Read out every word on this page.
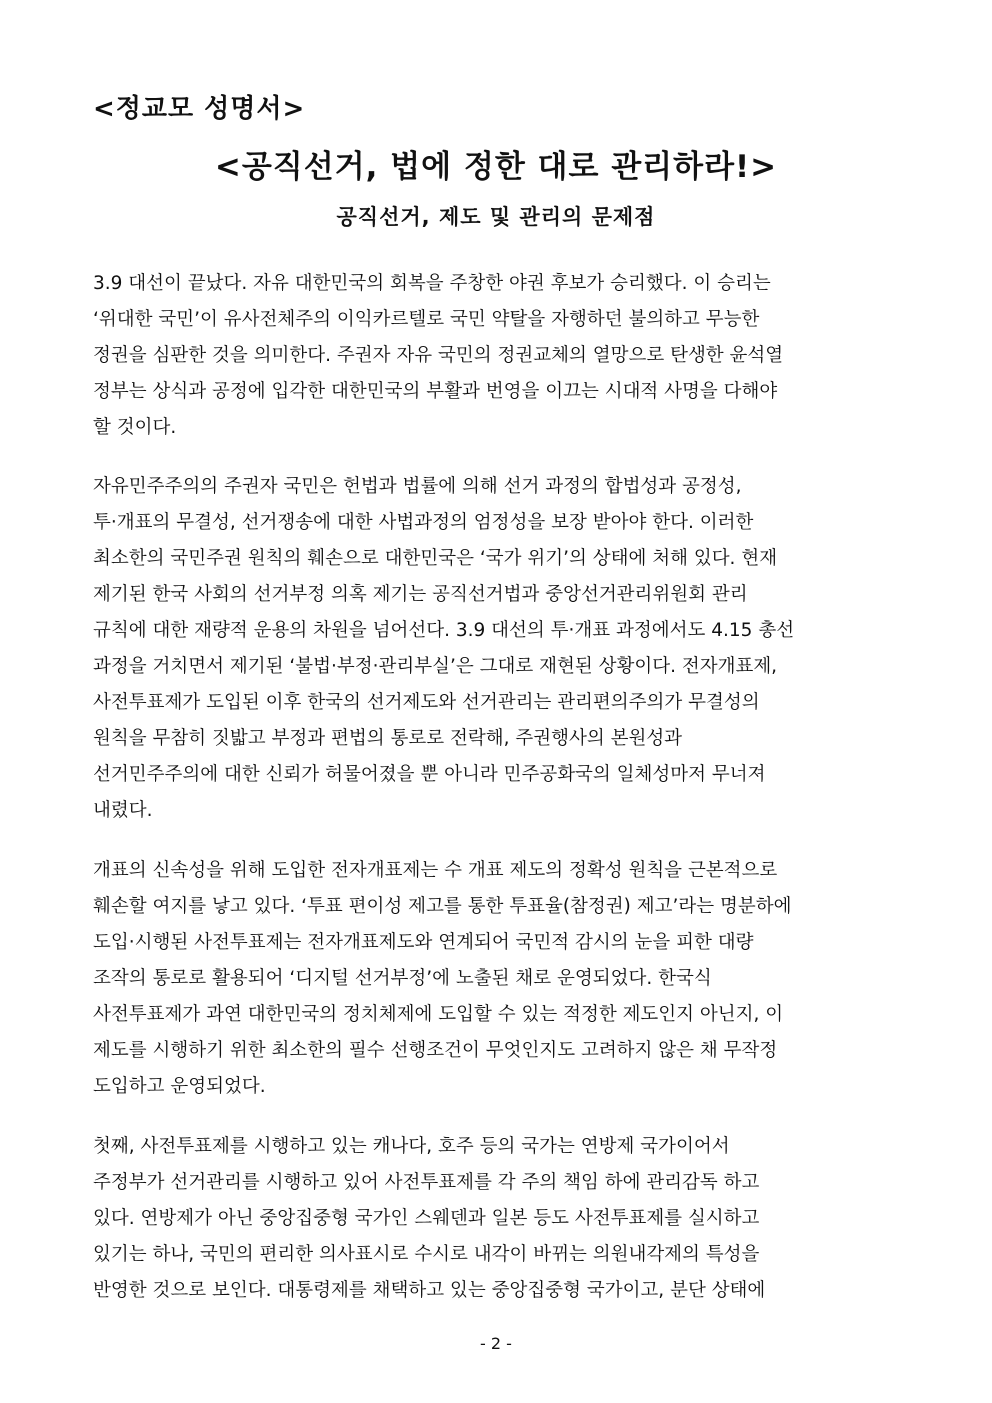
<정교모 성명서>
<공직선거, 법에 정한 대로 관리하라!>
공직선거, 제도 및 관리의 문제점
3.9 대선이 끝났다. 자유 대한민국의 회복을 주창한 야권 후보가 승리했다. 이 승리는
‘위대한 국민’이 유사전체주의 이익카르텔로 국민 약탈을 자행하던 불의하고 무능한
정권을 심판한 것을 의미한다. 주권자 자유 국민의 정권교체의 열망으로 탄생한 윤석열
정부는 상식과 공정에 입각한 대한민국의 부활과 번영을 이끄는 시대적 사명을 다해야
할 것이다.
자유민주주의의 주권자 국민은 헌법과 법률에 의해 선거 과정의 합법성과 공정성,
투·개표의 무결성, 선거쟁송에 대한 사법과정의 엄정성을 보장 받아야 한다. 이러한
최소한의 국민주권 원칙의 훼손으로 대한민국은 ‘국가 위기’의 상태에 처해 있다. 현재
제기된 한국 사회의 선거부정 의혹 제기는 공직선거법과 중앙선거관리위원회 관리
규칙에 대한 재량적 운용의 차원을 넘어선다. 3.9 대선의 투·개표 과정에서도 4.15 총선
과정을 거치면서 제기된 ‘불법·부정·관리부실’은 그대로 재현된 상황이다. 전자개표제,
사전투표제가 도입된 이후 한국의 선거제도와 선거관리는 관리편의주의가 무결성의
원칙을 무참히 짓밟고 부정과 편법의 통로로 전락해, 주권행사의 본원성과
선거민주주의에 대한 신뢰가 허물어졌을 뿐 아니라 민주공화국의 일체성마저 무너져
내렸다.
개표의 신속성을 위해 도입한 전자개표제는 수 개표 제도의 정확성 원칙을 근본적으로
훼손할 여지를 낳고 있다. ‘투표 편이성 제고를 통한 투표율(참정권) 제고’라는 명분하에
도입·시행된 사전투표제는 전자개표제도와 연계되어 국민적 감시의 눈을 피한 대량
조작의 통로로 활용되어 ‘디지털 선거부정’에 노출된 채로 운영되었다. 한국식
사전투표제가 과연 대한민국의 정치체제에 도입할 수 있는 적정한 제도인지 아닌지, 이
제도를 시행하기 위한 최소한의 필수 선행조건이 무엇인지도 고려하지 않은 채 무작정
도입하고 운영되었다.
첫째, 사전투표제를 시행하고 있는 캐나다, 호주 등의 국가는 연방제 국가이어서
주정부가 선거관리를 시행하고 있어 사전투표제를 각 주의 책임 하에 관리감독 하고
있다. 연방제가 아닌 중앙집중형 국가인 스웨덴과 일본 등도 사전투표제를 실시하고
있기는 하나, 국민의 편리한 의사표시로 수시로 내각이 바뀌는 의원내각제의 특성을
반영한 것으로 보인다. 대통령제를 채택하고 있는 중앙집중형 국가이고, 분단 상태에
- 2 -
